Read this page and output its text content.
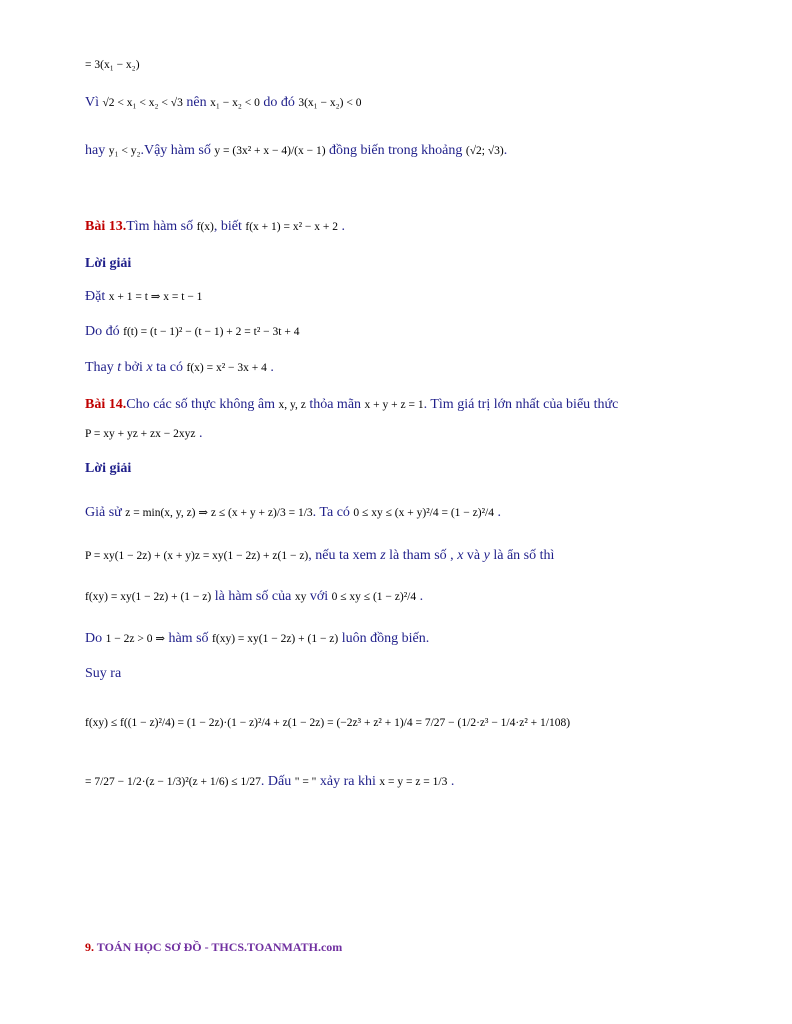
= 3(x₁ − x₂)
Vì √2 < x₁ < x₂ < √3 nên x₁ − x₂ < 0 do đó 3(x₁ − x₂) < 0
hay y₁ < y₂.Vậy hàm số y = (3x² + x − 4)/(x − 1) đồng biến trong khoảng (√2; √3).
Bài 13.Tìm hàm số f(x), biết f(x + 1) = x² − x + 2 .
Lời giải
Đặt x + 1 = t ⇒ x = t − 1
Do đó f(t) = (t − 1)² − (t − 1) + 2 = t² − 3t + 4
Thay t bởi x ta có f(x) = x² − 3x + 4 .
Bài 14.Cho các số thực không âm x, y, z thỏa mãn x + y + z = 1. Tìm giá trị lớn nhất của biểu thức
P = xy + yz + zx − 2xyz .
Lời giải
Giả sử z = min(x, y, z) ⇒ z ≤ (x + y + z)/3 = 1/3. Ta có 0 ≤ xy ≤ (x + y)²/4 = (1 − z)²/4 .
P = xy(1 − 2z) + (x + y)z = xy(1 − 2z) + z(1 − z), nếu ta xem z là tham số , x và y là ẩn số thì
f(xy) = xy(1 − 2z) + (1 − z) là hàm số của xy với 0 ≤ xy ≤ (1 − z)²/4 .
Do 1 − 2z > 0 ⇒ hàm số f(xy) = xy(1 − 2z) + (1 − z) luôn đồng biến.
Suy ra
f(xy) ≤ f((1 − z)²/4) = (1 − 2z)·(1 − z)²/4 + z(1 − 2z) = (−2z³ + z² + 1)/4 = 7/27 − (1/2·z³ − 1/4·z² + 1/108)
= 7/27 − 1/2·(z − 1/3)²(z + 1/6) ≤ 1/27. Dấu " = " xảy ra khi x = y = z = 1/3 .
9. TOÁN HỌC SƠ ĐỒ - THCS.TOANMATH.com
